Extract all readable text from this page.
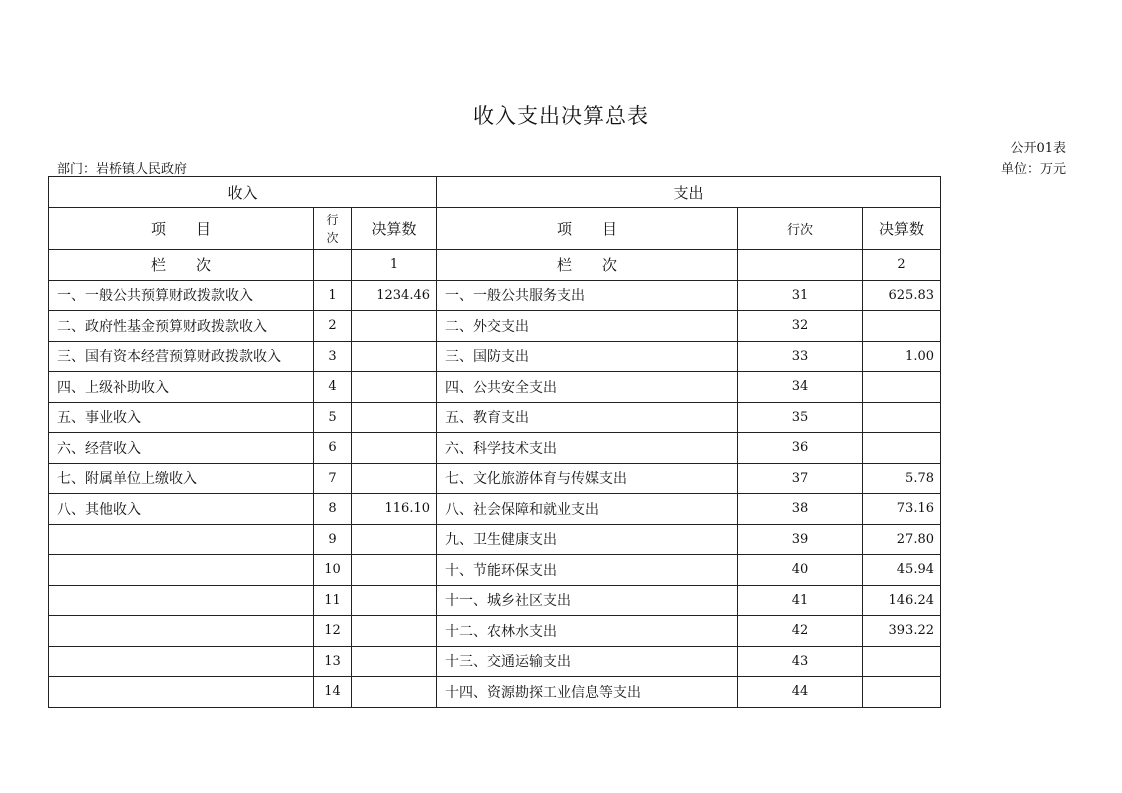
收入支出决算总表
公开01表
部门：岩桥镇人民政府	单位：万元
收入			支出		
项　　目	行次	决算数	项　　目	行次	决算数
栏　　次		1	栏　　次		2
一、一般公共预算财政拨款收入	1	1234.46	一、一般公共服务支出	31	625.83
二、政府性基金预算财政拨款收入	2		二、外交支出	32	
三、国有资本经营预算财政拨款收入	3		三、国防支出	33	1.00
四、上级补助收入	4		四、公共安全支出	34	
五、事业收入	5		五、教育支出	35	
六、经营收入	6		六、科学技术支出	36	
七、附属单位上缴收入	7		七、文化旅游体育与传媒支出	37	5.78
八、其他收入	8	116.10	八、社会保障和就业支出	38	73.16
	9		九、卫生健康支出	39	27.80
	10		十、节能环保支出	40	45.94
	11		十一、城乡社区支出	41	146.24
	12		十二、农林水支出	42	393.22
	13		十三、交通运输支出	43	
	14		十四、资源勘探工业信息等支出	44	
